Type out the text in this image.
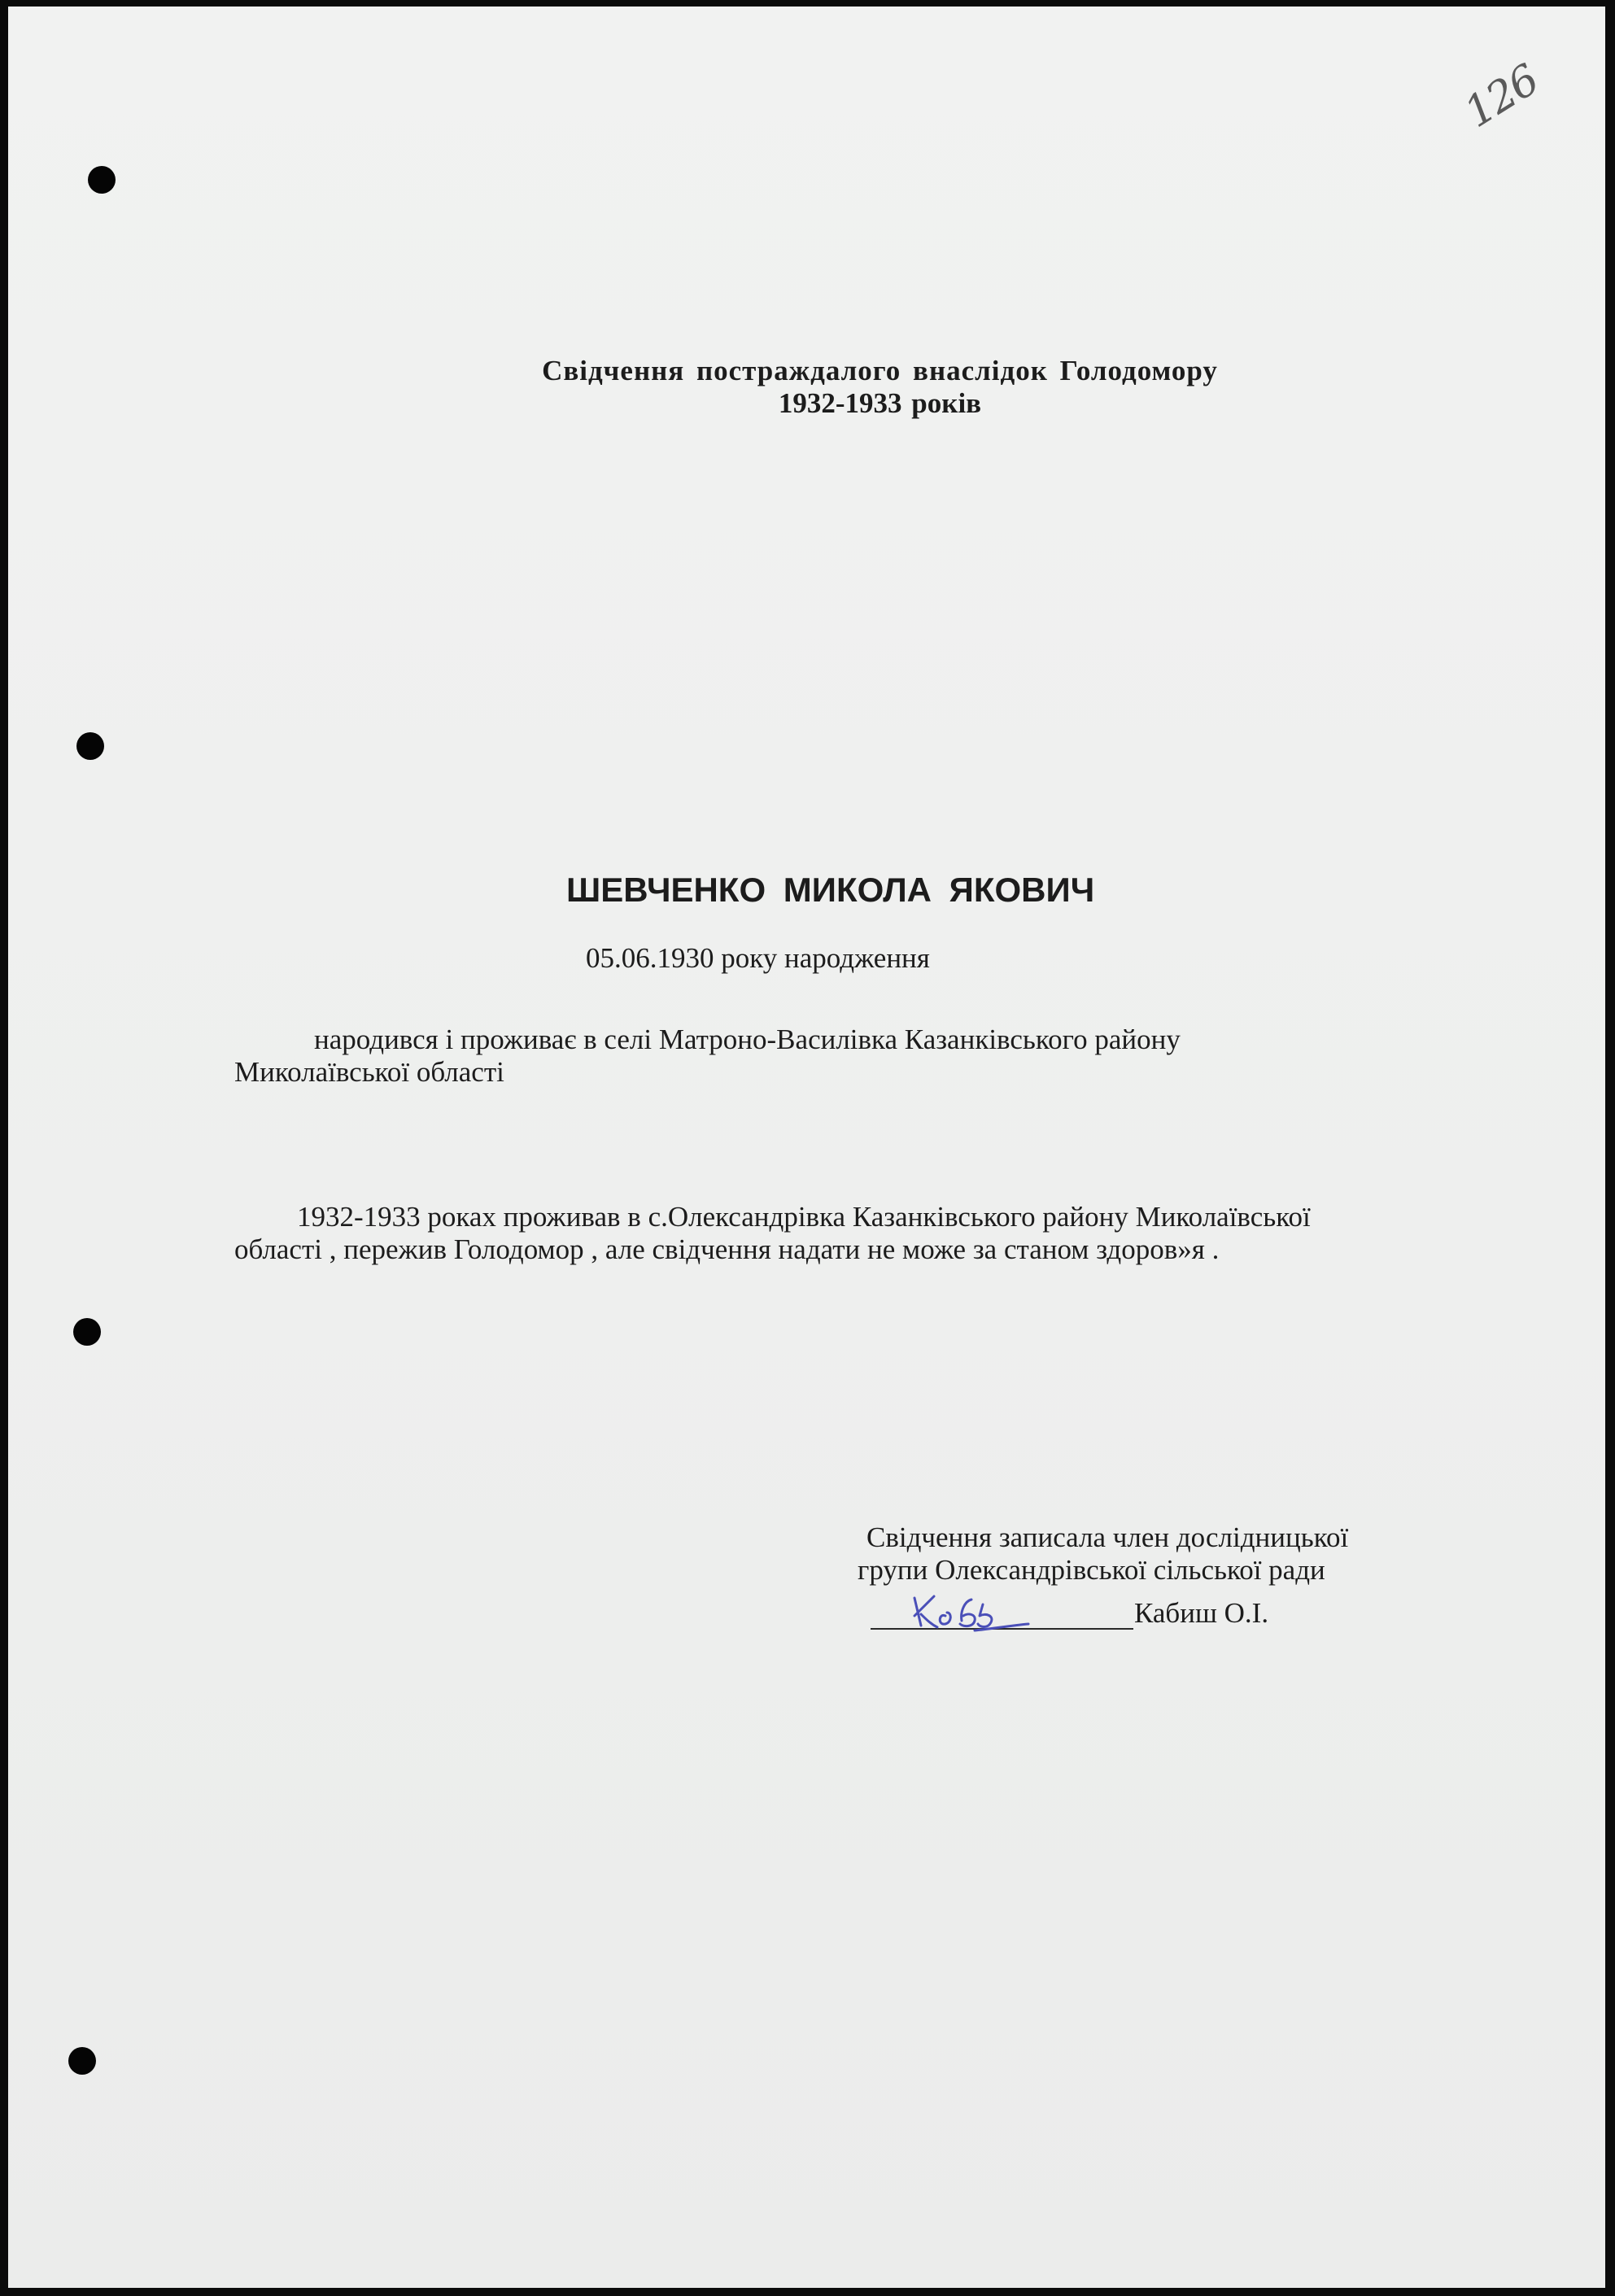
126
Свідчення постраждалого внаслідок Голодомору
1932-1933 років
ШЕВЧЕНКО МИКОЛА ЯКОВИЧ
05.06.1930 року народження
народився і проживає в селі Матроно-Василівка Казанківського району
Миколаївської області
1932-1933 роках проживав в с.Олександрівка Казанківського району Миколаївської
області , пережив Голодомор , але свідчення надати не може за станом здоров»я .
Свідчення записала член дослідницької
групи Олександрівської сільської ради
Кабиш О.І.
